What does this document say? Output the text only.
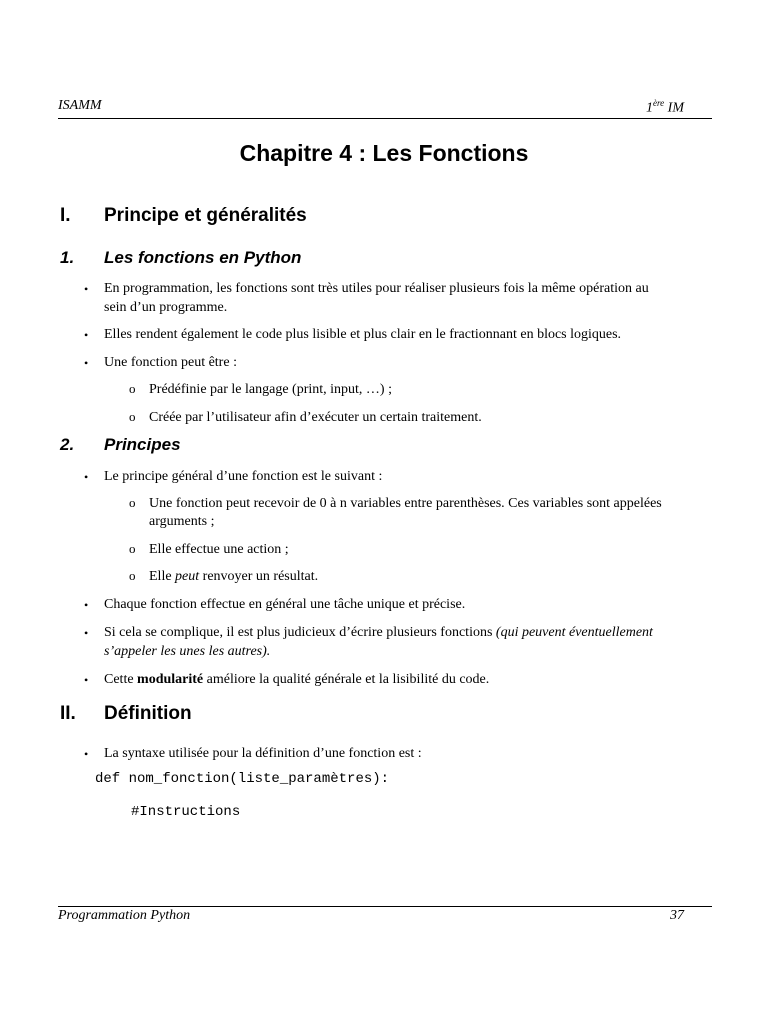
ISAMM	1ère IM
Chapitre 4 : Les Fonctions
I. Principe et généralités
1. Les fonctions en Python
• En programmation, les fonctions sont très utiles pour réaliser plusieurs fois la même opération au
sein d’un programme.
• Elles rendent également le code plus lisible et plus clair en le fractionnant en blocs logiques.
• Une fonction peut être :
o Prédéfinie par le langage (print, input, …) ;
o Créée par l’utilisateur afin d’exécuter un certain traitement.
2. Principes
• Le principe général d’une fonction est le suivant :
o Une fonction peut recevoir de 0 à n variables entre parenthèses. Ces variables sont appelées
arguments ;
o Elle effectue une action ;
o Elle peut renvoyer un résultat.
• Chaque fonction effectue en général une tâche unique et précise.
• Si cela se complique, il est plus judicieux d’écrire plusieurs fonctions (qui peuvent éventuellement
s’appeler les unes les autres).
• Cette modularité améliore la qualité générale et la lisibilité du code.
II. Définition
• La syntaxe utilisée pour la définition d’une fonction est :
def nom_fonction(liste_paramètres):
#Instructions
Programmation Python	37
